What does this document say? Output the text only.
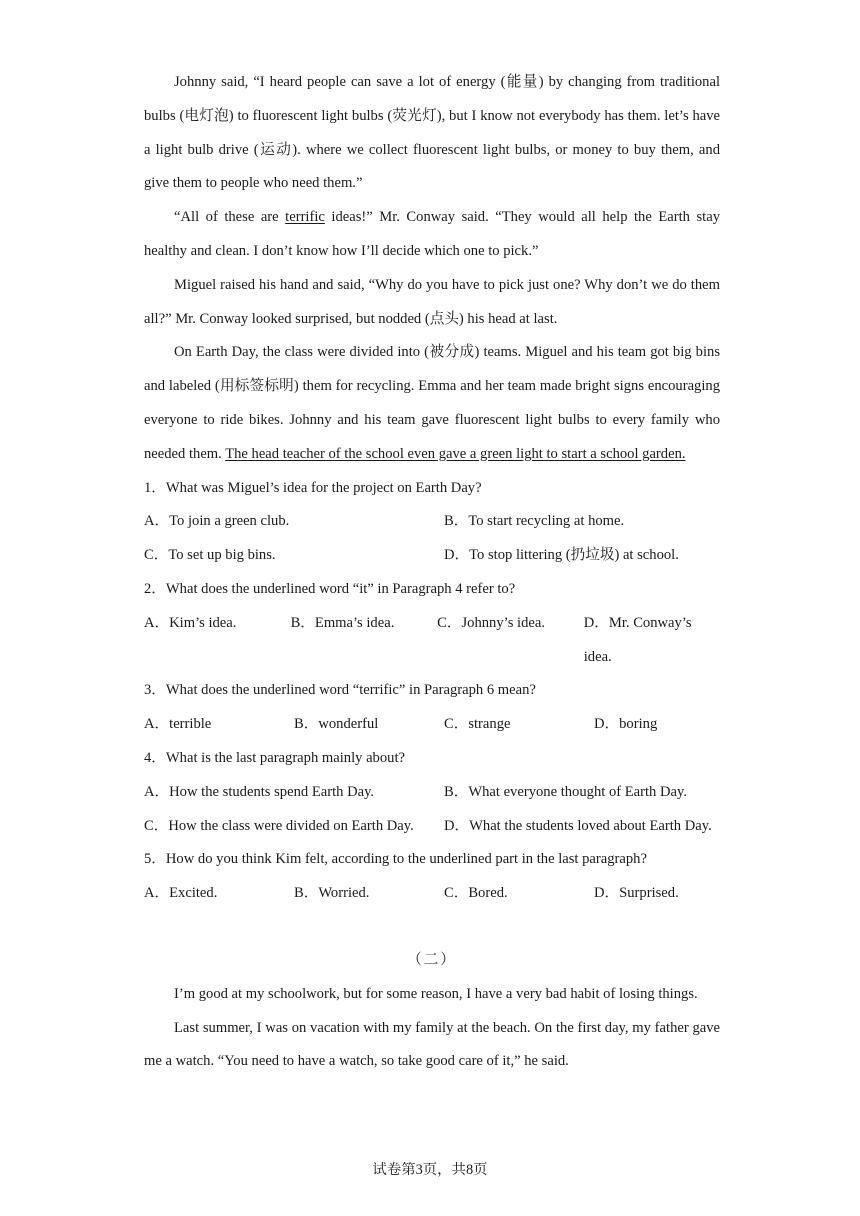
Johnny said, “I heard people can save a lot of energy (能量) by changing from traditional bulbs (电灯泡) to fluorescent light bulbs (荧光灯), but I know not everybody has them. let’s have a light bulb drive (运动). where we collect fluorescent light bulbs, or money to buy them, and give them to people who need them.”

“All of these are terrific ideas!” Mr. Conway said. “They would all help the Earth stay healthy and clean. I don’t know how I’ll decide which one to pick.”

Miguel raised his hand and said, “Why do you have to pick just one? Why don’t we do them all?” Mr. Conway looked surprised, but nodded (点头) his head at last.

On Earth Day, the class were divided into (被分成) teams. Miguel and his team got big bins and labeled (用标签标明) them for recycling. Emma and her team made bright signs encouraging everyone to ride bikes. Johnny and his team gave fluorescent light bulbs to every family who needed them. The head teacher of the school even gave a green light to start a school garden.

1．What was Miguel’s idea for the project on Earth Day?

A．To join a green club.	B．To start recycling at home.
C．To set up big bins.	D．To stop littering (扔垃圾) at school.

2．What does the underlined word “it” in Paragraph 4 refer to?

A．Kim’s idea.	B．Emma’s idea.	C．Johnny’s idea.	D．Mr. Conway’s idea.

3．What does the underlined word “terrific” in Paragraph 6 mean?

A．terrible	B．wonderful	C．strange	D．boring

4．What is the last paragraph mainly about?

A．How the students spend Earth Day.	B．What everyone thought of Earth Day.
C．How the class were divided on Earth Day.	D．What the students loved about Earth Day.

5．How do you think Kim felt, according to the underlined part in the last paragraph?

A．Excited.	B．Worried.	C．Bored.	D．Surprised.

（二）

I’m good at my schoolwork, but for some reason, I have a very bad habit of losing things.

Last summer, I was on vacation with my family at the beach. On the first day, my father gave me a watch. “You need to have a watch, so take good care of it,” he said.

试卷第3页，共8页
